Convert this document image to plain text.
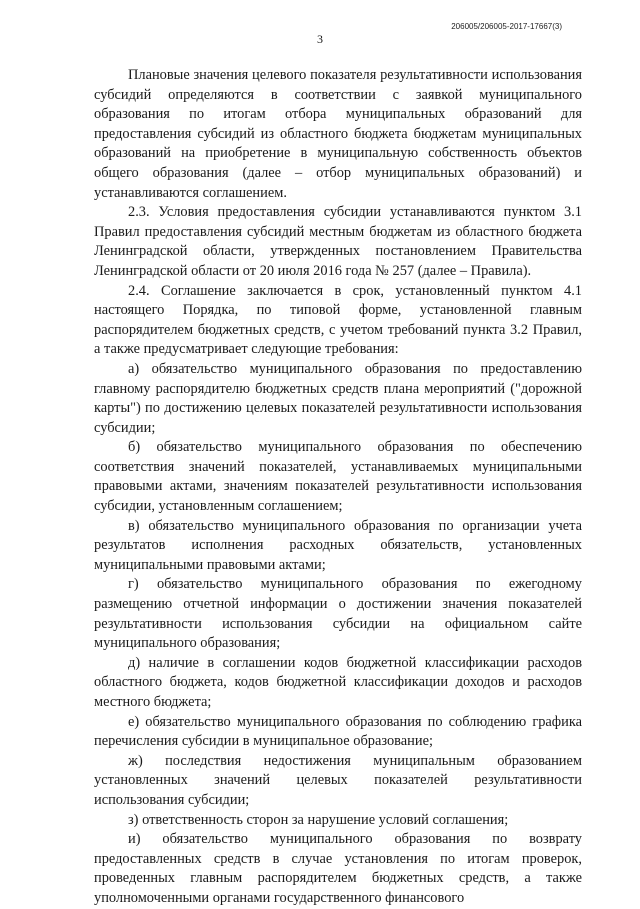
206005/206005-2017-17667(3)
3

Плановые значения целевого показателя результативности использования субсидий определяются в соответствии с заявкой муниципального образования по итогам отбора муниципальных образований для предоставления субсидий из областного бюджета бюджетам муниципальных образований на приобретение в муниципальную собственность объектов общего образования (далее – отбор муниципальных образований) и устанавливаются соглашением.

2.3. Условия предоставления субсидии устанавливаются пунктом 3.1 Правил предоставления субсидий местным бюджетам из областного бюджета Ленинградской области, утвержденных постановлением Правительства Ленинградской области от 20 июля 2016 года № 257 (далее – Правила).

2.4. Соглашение заключается в срок, установленный пунктом 4.1 настоящего Порядка, по типовой форме, установленной главным распорядителем бюджетных средств, с учетом требований пункта 3.2 Правил, а также предусматривает следующие требования:

а) обязательство муниципального образования по предоставлению главному распорядителю бюджетных средств плана мероприятий ("дорожной карты") по достижению целевых показателей результативности использования субсидии;

б) обязательство муниципального образования по обеспечению соответствия значений показателей, устанавливаемых муниципальными правовыми актами, значениям показателей результативности использования субсидии, установленным соглашением;

в) обязательство муниципального образования по организации учета результатов исполнения расходных обязательств, установленных муниципальными правовыми актами;

г) обязательство муниципального образования по ежегодному размещению отчетной информации о достижении значения показателей результативности использования субсидии на официальном сайте муниципального образования;

д) наличие в соглашении кодов бюджетной классификации расходов областного бюджета, кодов бюджетной классификации доходов и расходов местного бюджета;

е) обязательство муниципального образования по соблюдению графика перечисления субсидии в муниципальное образование;

ж) последствия недостижения муниципальным образованием установленных значений целевых показателей результативности использования субсидии;

з) ответственность сторон за нарушение условий соглашения;

и) обязательство муниципального образования по возврату предоставленных средств в случае установления по итогам проверок, проведенных главным распорядителем бюджетных средств, а также уполномоченными органами государственного финансового
